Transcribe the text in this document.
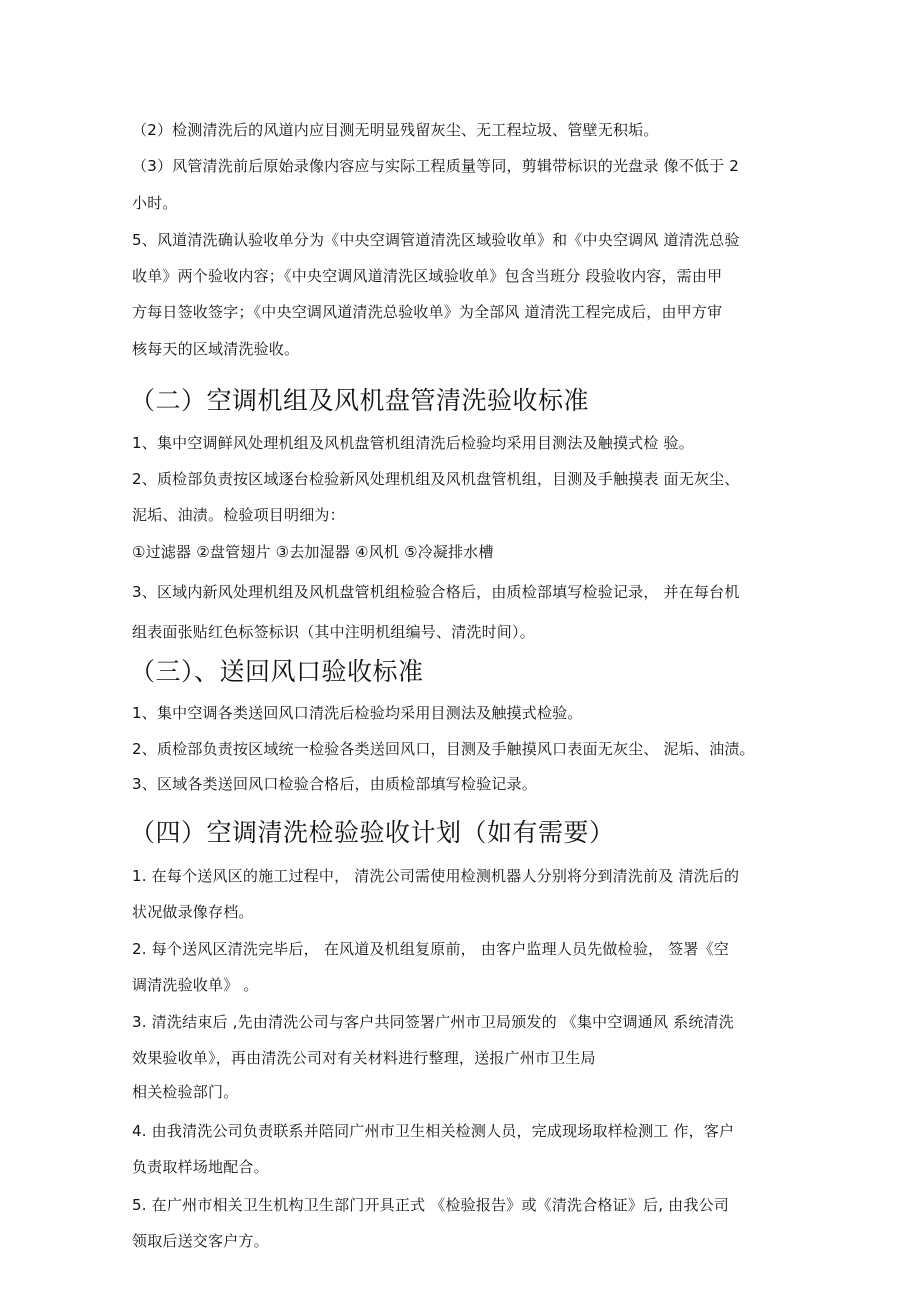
（2）检测清洗后的风道内应目测无明显残留灰尘、无工程垃圾、管壁无积垢。

（3）风管清洗前后原始录像内容应与实际工程质量等同，剪辑带标识的光盘录 像不低于 2

小时。

5、风道清洗确认验收单分为《中央空调管道清洗区域验收单》和《中央空调风 道清洗总验

收单》两个验收内容；《中央空调风道清洗区域验收单》包含当班分 段验收内容，需由甲

方每日签收签字；《中央空调风道清洗总验收单》为全部风 道清洗工程完成后，由甲方审

核每天的区域清洗验收。

（二）空调机组及风机盘管清洗验收标准

1、集中空调鲜风处理机组及风机盘管机组清洗后检验均采用目测法及触摸式检 验。

2、质检部负责按区域逐台检验新风处理机组及风机盘管机组，目测及手触摸表 面无灰尘、

泥垢、油渍。检验项目明细为：

①过滤器 ②盘管翅片 ③去加湿器 ④风机 ⑤冷凝排水槽

3、区域内新风处理机组及风机盘管机组检验合格后，由质检部填写检验记录， 并在每台机

组表面张贴红色标签标识（其中注明机组编号、清洗时间）。

（三）、送回风口验收标准

1、集中空调各类送回风口清洗后检验均采用目测法及触摸式检验。

2、质检部负责按区域统一检验各类送回风口，目测及手触摸风口表面无灰尘、 泥垢、油渍。

3、区域各类送回风口检验合格后，由质检部填写检验记录。

（四）空调清洗检验验收计划（如有需要）

1. 在每个送风区的施工过程中， 清洗公司需使用检测机器人分别将分到清洗前及 清洗后的

状况做录像存档。

2. 每个送风区清洗完毕后， 在风道及机组复原前， 由客户监理人员先做检验， 签署《空

调清洗验收单》 。

3. 清洗结束后 ,先由清洗公司与客户共同签署广州市卫局颁发的 《集中空调通风 系统清洗

效果验收单》，再由清洗公司对有关材料进行整理，送报广州市卫生局

相关检验部门。

4. 由我清洗公司负责联系并陪同广州市卫生相关检测人员，完成现场取样检测工 作，客户

负责取样场地配合。

5. 在广州市相关卫生机构卫生部门开具正式 《检验报告》或《清洗合格证》后, 由我公司

领取后送交客户方。
